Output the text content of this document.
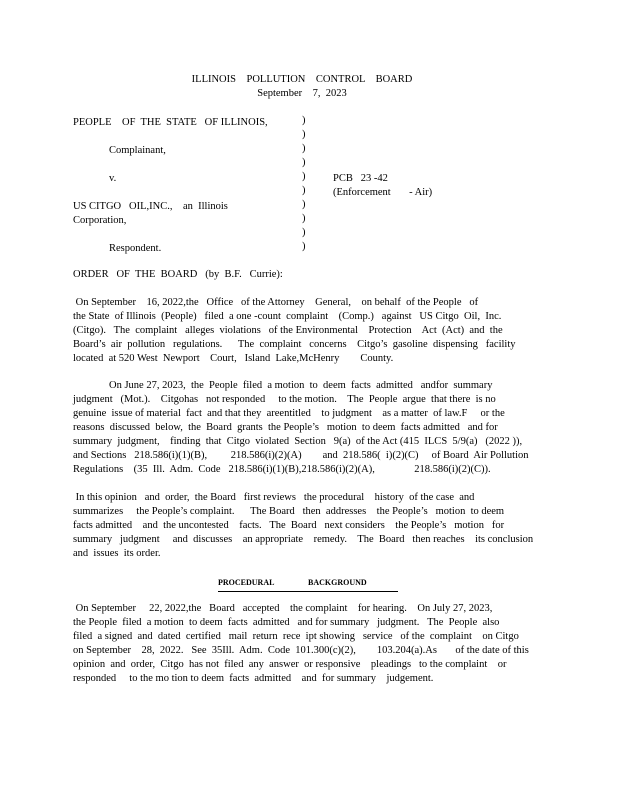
ILLINOIS    POLLUTION    CONTROL    BOARD
September    7,  2023
PEOPLE    OF  THE  STATE   OF ILLINOIS,
Complainant,
v.
US CITGO   OIL,INC.,    an  Illinois
Corporation,
Respondent.
)
)
)
)
)
)
)
)
)
)
PCB   23 -42
(Enforcement       - Air)
ORDER   OF  THE  BOARD   (by  B.F.   Currie):
On September    16, 2022,the   Office   of the Attorney    General,    on behalf  of the People   of
the State  of Illinois  (People)   filed  a one -count  complaint    (Comp.)   against   US Citgo  Oil,  Inc.
(Citgo).   The  complaint   alleges  violations   of the Environmental    Protection    Act  (Act)  and  the
Board’s  air  pollution   regulations.      The  complaint   concerns    Citgo’s  gasoline  dispensing   facility
located  at 520 West  Newport    Court,   Island  Lake,McHenry        County.
On June 27, 2023,  the  People  filed  a motion  to  deem  facts  admitted   andfor  summary
judgment   (Mot.).    Citgohas   not responded     to the motion.    The  People  argue  that there  is no
genuine  issue of material  fact  and that they  areentitled    to judgment    as a matter  of law.F     or the
reasons  discussed  below,  the  Board  grants  the People’s   motion  to deem  facts admitted   and for
summary  judgment,    finding  that  Citgo  violated  Section   9(a)  of the Act (415  ILCS  5/9(a)   (2022 )),
and Sections   218.586(i)(1)(B),         218.586(i)(2)(A)        and  218.586(  i)(2)(C)     of Board  Air Pollution
Regulations    (35  Ill.  Adm.  Code   218.586(i)(1)(B),218.586(i)(2)(A),               218.586(i)(2)(C)).
In this opinion   and  order,  the Board   first reviews   the procedural    history  of the case  and
summarizes     the People’s complaint.      The Board   then  addresses    the People’s   motion  to deem
facts admitted    and  the uncontested    facts.   The  Board   next considers    the People’s   motion   for
summary   judgment     and  discusses    an appropriate    remedy.    The  Board   then reaches    its conclusion
and  issues  its order.
PROCEDURAL                 BACKGROUND
On September     22, 2022,the   Board   accepted    the complaint    for hearing.    On July 27, 2023,
the People  filed  a motion  to deem  facts  admitted   and for summary   judgment.   The  People  also
filed  a signed  and  dated  certified   mail  return  rece  ipt showing   service   of the  complaint    on Citgo
on September    28,  2022.   See  35Ill.  Adm.  Code  101.300(c)(2),        103.204(a).As       of the date of this
opinion  and  order,  Citgo  has not  filed  any  answer  or responsive    pleadings   to the complaint    or
responded     to the mo tion to deem  facts  admitted    and  for summary    judgement.
